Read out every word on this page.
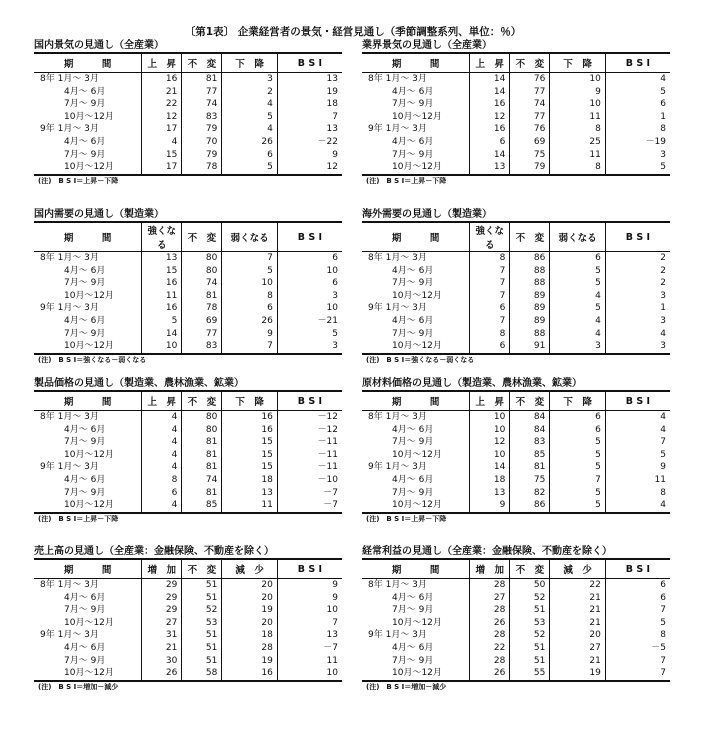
〔第1表〕 企業経営者の景気・経営見通し（季節調整系列、単位：％）
国内景気の見通し（全産業）
期　　　間	上　昇	不　変	下　降	B S I
8年 1月～ 3月	16	81	3	13
4月～ 6月	21	77	2	19
7月～ 9月	22	74	4	18
10月～12月	12	83	5	7
9年 1月～ 3月	17	79	4	13
4月～ 6月	4	70	26	－22
7月～ 9月	15	79	6	9
10月～12月	17	78	5	12
(注)　B S I＝上昇－下降
業界景気の見通し（全産業）
期　　　間	上　昇	不　変	下　降	B S I
8年 1月～ 3月	14	76	10	4
4月～ 6月	14	77	9	5
7月～ 9月	16	74	10	6
10月～12月	12	77	11	1
9年 1月～ 3月	16	76	8	8
4月～ 6月	6	69	25	－19
7月～ 9月	14	75	11	3
10月～12月	13	79	8	5
(注)　B S I＝上昇－下降
国内需要の見通し（製造業）
期　　　間	強くなる	不　変	弱くなる	B S I
8年 1月～ 3月	13	80	7	6
4月～ 6月	15	80	5	10
7月～ 9月	16	74	10	6
10月～12月	11	81	8	3
9年 1月～ 3月	16	78	6	10
4月～ 6月	5	69	26	－21
7月～ 9月	14	77	9	5
10月～12月	10	83	7	3
(注)　B S I＝強くなる－弱くなる
海外需要の見通し（製造業）
期　　　間	強くなる	不　変	弱くなる	B S I
8年 1月～ 3月	8	86	6	2
4月～ 6月	7	88	5	2
7月～ 9月	7	88	5	2
10月～12月	7	89	4	3
9年 1月～ 3月	6	89	5	1
4月～ 6月	7	89	4	3
7月～ 9月	8	88	4	4
10月～12月	6	91	3	3
(注)　B S I＝強くなる－弱くなる
製品価格の見通し（製造業、農林漁業、鉱業）
期　　　間	上　昇	不　変	下　降	B S I
8年 1月～ 3月	4	80	16	－12
4月～ 6月	4	80	16	－12
7月～ 9月	4	81	15	－11
10月～12月	4	81	15	－11
9年 1月～ 3月	4	81	15	－11
4月～ 6月	8	74	18	－10
7月～ 9月	6	81	13	－7
10月～12月	4	85	11	－7
(注)　B S I＝上昇－下降
原材料価格の見通し（製造業、農林漁業、鉱業）
期　　　間	上　昇	不　変	下　降	B S I
8年 1月～ 3月	10	84	6	4
4月～ 6月	10	84	6	4
7月～ 9月	12	83	5	7
10月～12月	10	85	5	5
9年 1月～ 3月	14	81	5	9
4月～ 6月	18	75	7	11
7月～ 9月	13	82	5	8
10月～12月	9	86	5	4
(注)　B S I＝上昇－下降
売上高の見通し（全産業：金融保険、不動産を除く）
期　　　間	増　加	不　変	減　少	B S I
8年 1月～ 3月	29	51	20	9
4月～ 6月	29	51	20	9
7月～ 9月	29	52	19	10
10月～12月	27	53	20	7
9年 1月～ 3月	31	51	18	13
4月～ 6月	21	51	28	－7
7月～ 9月	30	51	19	11
10月～12月	26	58	16	10
(注)　B S I＝増加－減少
経常利益の見通し（全産業：金融保険、不動産を除く）
期　　　間	増　加	不　変	減　少	B S I
8年 1月～ 3月	28	50	22	6
4月～ 6月	27	52	21	6
7月～ 9月	28	51	21	7
10月～12月	26	53	21	5
9年 1月～ 3月	28	52	20	8
4月～ 6月	22	51	27	－5
7月～ 9月	28	51	21	7
10月～12月	26	55	19	7
(注)　B S I＝増加－減少
